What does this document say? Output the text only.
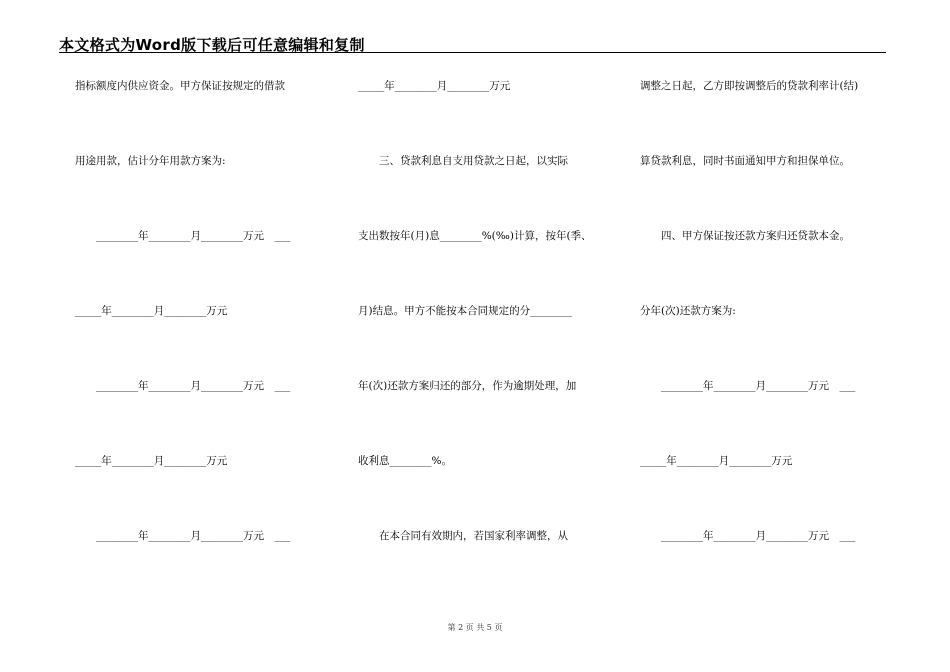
本文格式为Word版下载后可任意编辑和复制
指标额度内供应资金。甲方保证按规定的借款
用途用款，估计分年用款方案为:
　　________年________月________万元　___
_____年________月________万元
　　________年________月________万元　___
_____年________月________万元
　　________年________月________万元　___
_____年________月________万元
　　三、贷款利息自支用贷款之日起，以实际
支出数按年(月)息________%(‰)计算，按年(季、
月)结息。甲方不能按本合同规定的分________
年(次)还款方案归还的部分，作为逾期处理，加
收利息________%。
　　在本合同有效期内，若国家利率调整，从
调整之日起，乙方即按调整后的贷款利率计(结)
算贷款利息，同时书面通知甲方和担保单位。
　　四、甲方保证按还款方案归还贷款本金。
分年(次)还款方案为:
　　________年________月________万元　___
_____年________月________万元
　　________年________月________万元　___
第 2 页 共 5 页
